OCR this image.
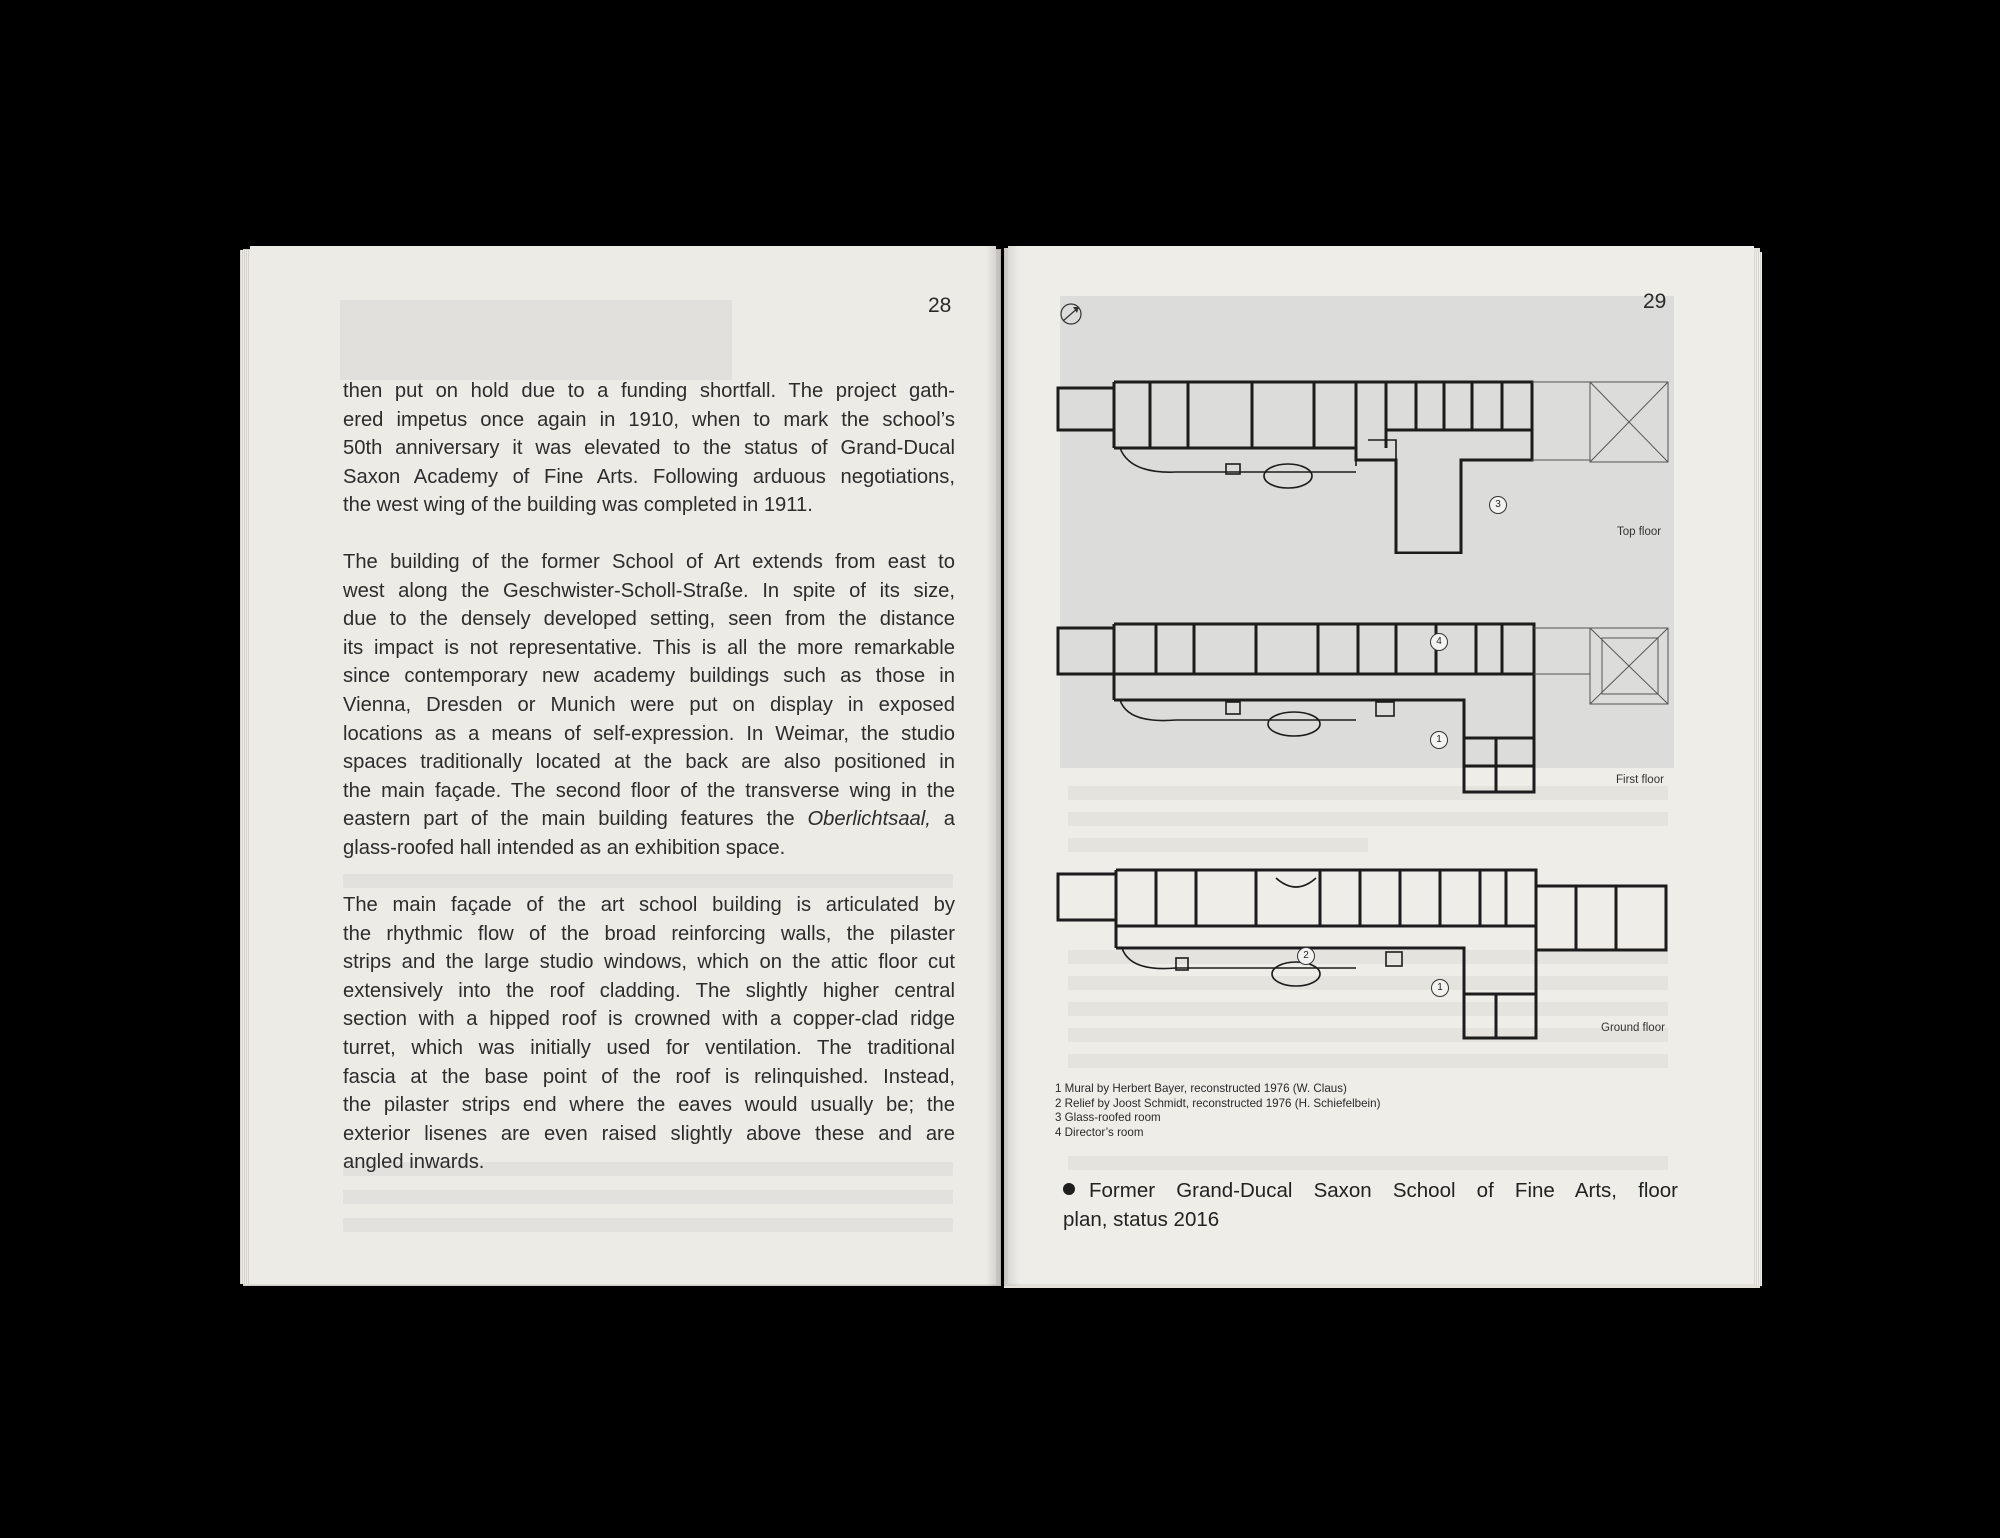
28
then put on hold due to a funding shortfall. The project gath-
ered impetus once again in 1910, when to mark the school’s
50th anniversary it was elevated to the status of Grand-Ducal
Saxon Academy of Fine Arts. Following arduous negotiations,
the west wing of the building was completed in 1911.
The building of the former School of Art extends from east to
west along the Geschwister-Scholl-Straße. In spite of its size,
due to the densely developed setting, seen from the distance
its impact is not representative. This is all the more remarkable
since contemporary new academy buildings such as those in
Vienna, Dresden or Munich were put on display in exposed
locations as a means of self-expression. In Weimar, the studio
spaces traditionally located at the back are also positioned in
the main façade. The second floor of the transverse wing in the
eastern part of the main building features the Oberlichtsaal, a
glass-roofed hall intended as an exhibition space.
The main façade of the art school building is articulated by
the rhythmic flow of the broad reinforcing walls, the pilaster
strips and the large studio windows, which on the attic floor cut
extensively into the roof cladding. The slightly higher central
section with a hipped roof is crowned with a copper-clad ridge
turret, which was initially used for ventilation. The traditional
fascia at the base point of the roof is relinquished. Instead,
the pilaster strips end where the eaves would usually be; the
exterior lisenes are even raised slightly above these and are
angled inwards.
29
3
Top floor
4
1
First floor
2
1
Ground floor
1 Mural by Herbert Bayer, reconstructed 1976 (W. Claus)
2 Relief by Joost Schmidt, reconstructed 1976 (H. Schiefelbein)
3 Glass-roofed room
4 Director’s room
Former Grand-Ducal Saxon School of Fine Arts, floor
plan, status 2016
